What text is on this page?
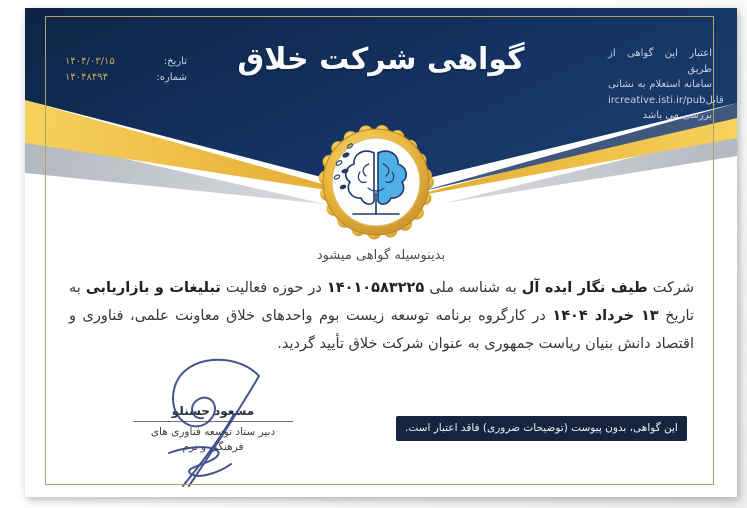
گواهی شرکت خلاق
تاریخ:
۱۴۰۴/۰۳/۱۵
شماره:
۱۴۰۴۸۴۹۴
اعتبار این گواهی از طریق
سامانه استعلام به نشانی
ircreative.isti.ir/pub قابل
بررسی می باشد
بدینوسیله گواهی میشود

شرکت طیف نگار ایده آل به شناسه ملی ۱۴۰۱۰۵۸۳۲۲۵ در حوزه فعالیت تبلیغات و بازاریابی به تاریخ ۱۳ خرداد ۱۴۰۴ در کارگروه برنامه توسعه زیست بوم واحدهای خلاق معاونت علمی، فناوری و اقتصاد دانش بنیان ریاست جمهوری به عنوان شرکت خلاق تأیید گردید.

مسعود حسنلو
دبیر ستاد توسعه فناوری های
فرهنگی و نرم
این گواهی، بدون پیوست (توضیحات ضروری) فاقد اعتبار است.
